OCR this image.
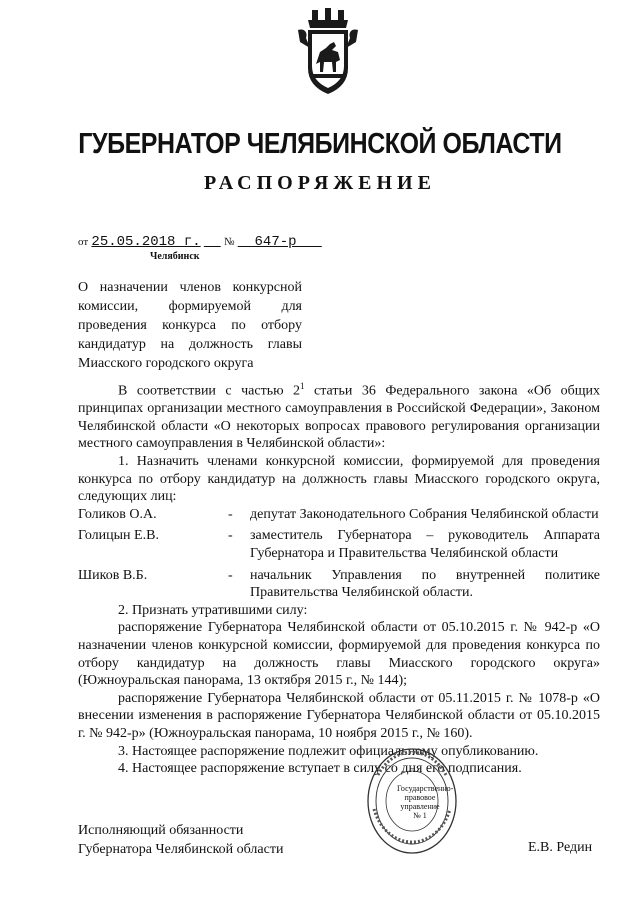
ГУБЕРНАТОР ЧЕЛЯБИНСКОЙ ОБЛАСТИ
РАСПОРЯЖЕНИЕ
от 25.05.2018 г. № 647-р
Челябинск
О назначении членов конкурсной
комиссии, формируемой для
проведения конкурса по отбору
кандидатур на должность главы
Миасского городского округа

В соответствии с частью $2^1$ статьи 36 Федерального закона «Об общих принципах организации местного самоуправления в Российской Федерации», Законом Челябинской области «О некоторых вопросах правового регулирования организации местного самоуправления в Челябинской области»:

1. Назначить членами конкурсной комиссии, формируемой для проведения конкурса по отбору кандидатур на должность главы Миасского городского округа, следующих лиц:

Голиков О.А.	-	депутат Законодательного Собрания Челябинской области
Голицын Е.В.	-	заместитель Губернатора – руководитель Аппарата Губернатора и Правительства Челябинской области
Шиков В.Б.	-	начальник Управления по внутренней политике Правительства Челябинской области.

2. Признать утратившими силу:

распоряжение Губернатора Челябинской области от 05.10.2015 г. № 942-р «О назначении членов конкурсной комиссии, формируемой для проведения конкурса по отбору кандидатур на должность главы Миасского городского округа» (Южноуральская панорама, 13 октября 2015 г., № 144);

распоряжение Губернатора Челябинской области от 05.11.2015 г. № 1078-р «О внесении изменения в распоряжение Губернатора Челябинской области от 05.10.2015 г. № 942-р» (Южноуральская панорама, 10 ноября 2015 г., № 160).

3. Настоящее распоряжение подлежит официальному опубликованию.

4. Настоящее распоряжение вступает в силу со дня его подписания.

Государственно-
правовое
управление
№ 1
Исполняющий обязанности
Губернатора Челябинской области	Е.В. Редин
